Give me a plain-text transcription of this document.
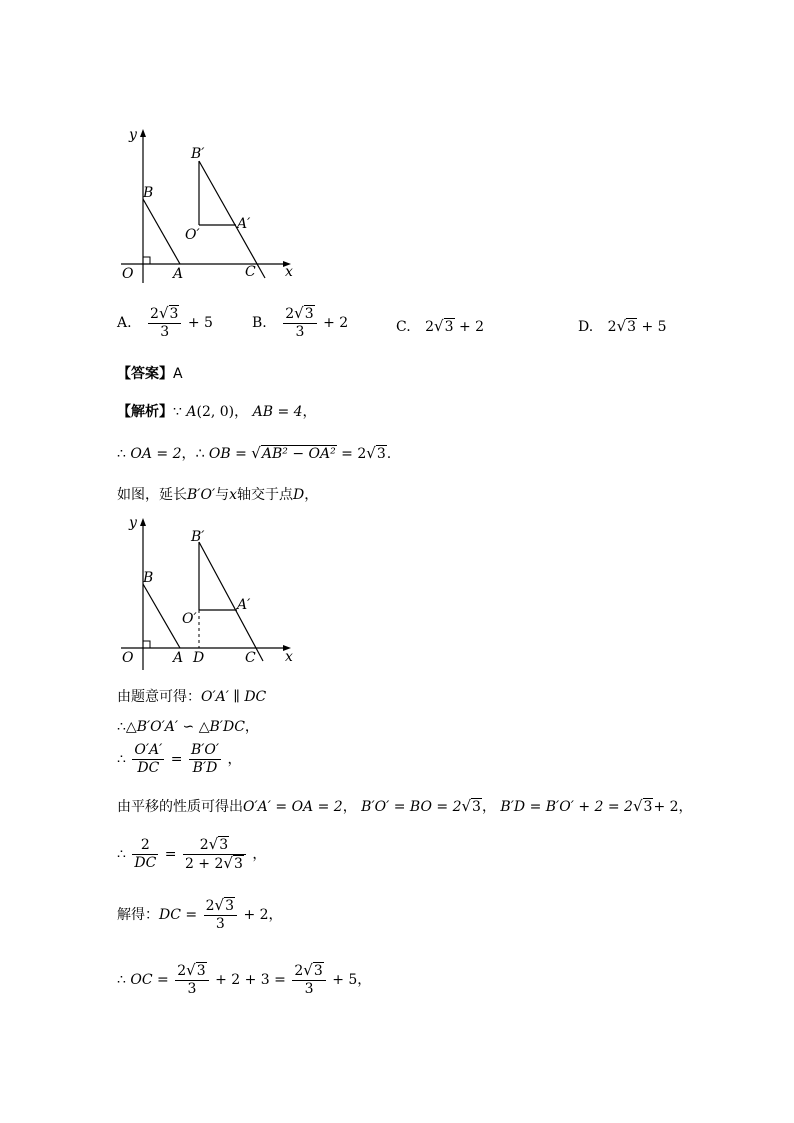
y
B
O	A	C x
B′
O′
A′
A. $\frac{2√3}{3} + 5$	B. $\frac{2√3}{3} + 2$	C. 2√3 + 2	D. 2√3 + 5
【答案】A
【解析】∵ A(2, 0)， AB = 4，
∴ OA = 2，∴ OB = √AB² − OA² = 2√3.
如图，延长B′O′与x轴交于点D，
y
B
O	A D	C x
B′
O′
A′
由题意可得：O′A′ ∥ DC
∴△B′O′A′ ∽ △B′DC，
∴ $\frac{O'A'}{DC} = \frac{B'O'}{B'D}$ ，
由平移的性质可得出O′A′ = OA = 2， B′O′ = BO = 2√3， B′D = B′O′ + 2 = 2√3+ 2，
∴ $\frac{2}{DC} = \frac{2√3}{2 + 2√3}$ ，
解得：DC = $\frac{2√3}{3} + 2$，
∴ OC = $\frac{2√3}{3} + 2 + 3 = \frac{2√3}{3} + 5$，
